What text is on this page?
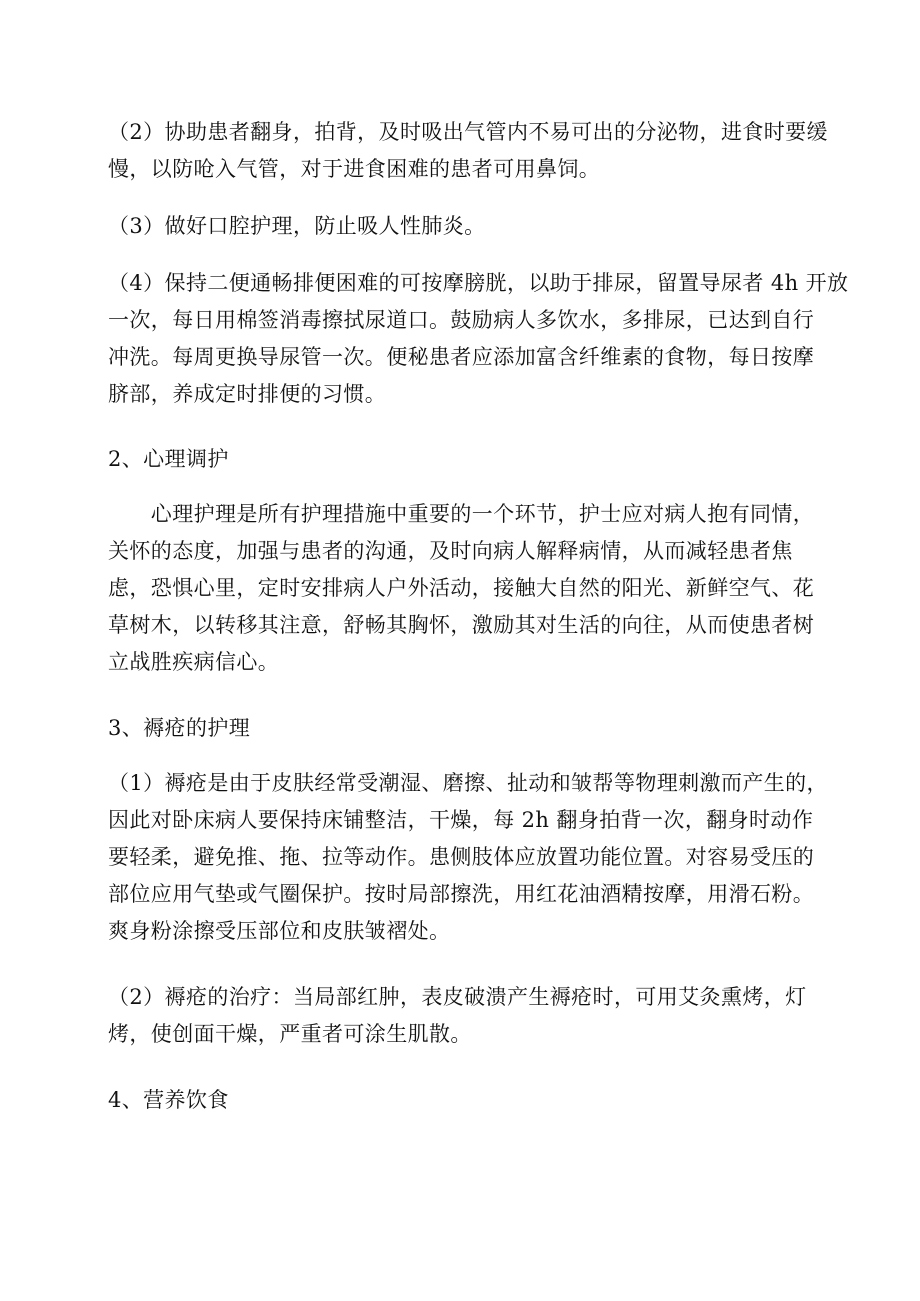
（2）协助患者翻身，拍背，及时吸出气管内不易可出的分泌物，进食时要缓

慢，以防呛入气管，对于进食困难的患者可用鼻饲。

（3）做好口腔护理，防止吸人性肺炎。

（4）保持二便通畅排便困难的可按摩膀胱，以助于排尿，留置导尿者 4h 开放

一次，每日用棉签消毒擦拭尿道口。鼓励病人多饮水，多排尿，已达到自行

冲洗。每周更换导尿管一次。便秘患者应添加富含纤维素的食物，每日按摩

脐部，养成定时排便的习惯。

2、心理调护

　　心理护理是所有护理措施中重要的一个环节，护士应对病人抱有同情，

关怀的态度，加强与患者的沟通，及时向病人解释病情，从而减轻患者焦

虑，恐惧心里，定时安排病人户外活动，接触大自然的阳光、新鲜空气、花

草树木，以转移其注意，舒畅其胸怀，激励其对生活的向往，从而使患者树

立战胜疾病信心。

3、褥疮的护理

（1）褥疮是由于皮肤经常受潮湿、磨擦、扯动和皱帮等物理刺激而产生的，

因此对卧床病人要保持床铺整洁，干燥，每 2h 翻身拍背一次，翻身时动作

要轻柔，避免推、拖、拉等动作。患侧肢体应放置功能位置。对容易受压的

部位应用气垫或气圈保护。按时局部擦洗，用红花油酒精按摩，用滑石粉。

爽身粉涂擦受压部位和皮肤皱褶处。

（2）褥疮的治疗：当局部红肿，表皮破溃产生褥疮时，可用艾灸熏烤，灯

烤，使创面干燥，严重者可涂生肌散。

4、营养饮食
